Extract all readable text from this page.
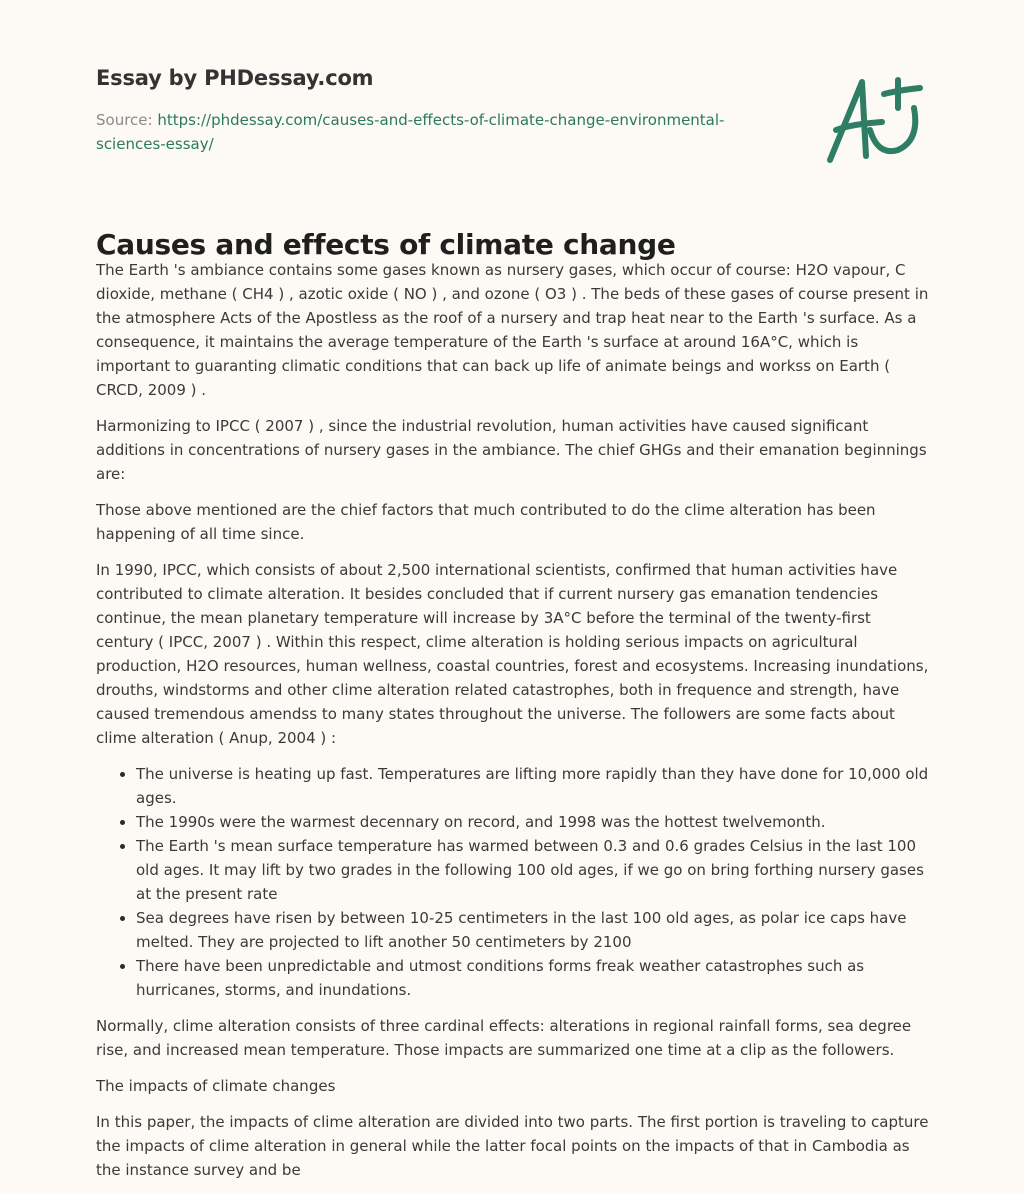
Essay by PHDessay.com
Source: https://phdessay.com/causes-and-effects-of-climate-change-environmental-sciences-essay/
Causes and effects of climate change

The Earth 's ambiance contains some gases known as nursery gases, which occur of course: H2O vapour, C dioxide, methane ( CH4 ) , azotic oxide ( NO ) , and ozone ( O3 ) . The beds of these gases of course present in the atmosphere Acts of the Apostless as the roof of a nursery and trap heat near to the Earth 's surface. As a consequence, it maintains the average temperature of the Earth 's surface at around 16A°C, which is important to guaranting climatic conditions that can back up life of animate beings and workss on Earth ( CRCD, 2009 ) .

Harmonizing to IPCC ( 2007 ) , since the industrial revolution, human activities have caused significant additions in concentrations of nursery gases in the ambiance. The chief GHGs and their emanation beginnings are:

Those above mentioned are the chief factors that much contributed to do the clime alteration has been happening of all time since.

In 1990, IPCC, which consists of about 2,500 international scientists, confirmed that human activities have contributed to climate alteration. It besides concluded that if current nursery gas emanation tendencies continue, the mean planetary temperature will increase by 3A°C before the terminal of the twenty-first century ( IPCC, 2007 ) . Within this respect, clime alteration is holding serious impacts on agricultural production, H2O resources, human wellness, coastal countries, forest and ecosystems. Increasing inundations, drouths, windstorms and other clime alteration related catastrophes, both in frequence and strength, have caused tremendous amendss to many states throughout the universe. The followers are some facts about clime alteration ( Anup, 2004 ) :

• The universe is heating up fast. Temperatures are lifting more rapidly than they have done for 10,000 old ages.
• The 1990s were the warmest decennary on record, and 1998 was the hottest twelvemonth.
• The Earth 's mean surface temperature has warmed between 0.3 and 0.6 grades Celsius in the last 100 old ages. It may lift by two grades in the following 100 old ages, if we go on bring forthing nursery gases at the present rate
• Sea degrees have risen by between 10-25 centimeters in the last 100 old ages, as polar ice caps have melted. They are projected to lift another 50 centimeters by 2100
• There have been unpredictable and utmost conditions forms freak weather catastrophes such as hurricanes, storms, and inundations.

Normally, clime alteration consists of three cardinal effects: alterations in regional rainfall forms, sea degree rise, and increased mean temperature. Those impacts are summarized one time at a clip as the followers.

The impacts of climate changes

In this paper, the impacts of clime alteration are divided into two parts. The first portion is traveling to capture the impacts of clime alteration in general while the latter focal points on the impacts of that in Cambodia as the instance survey and be
